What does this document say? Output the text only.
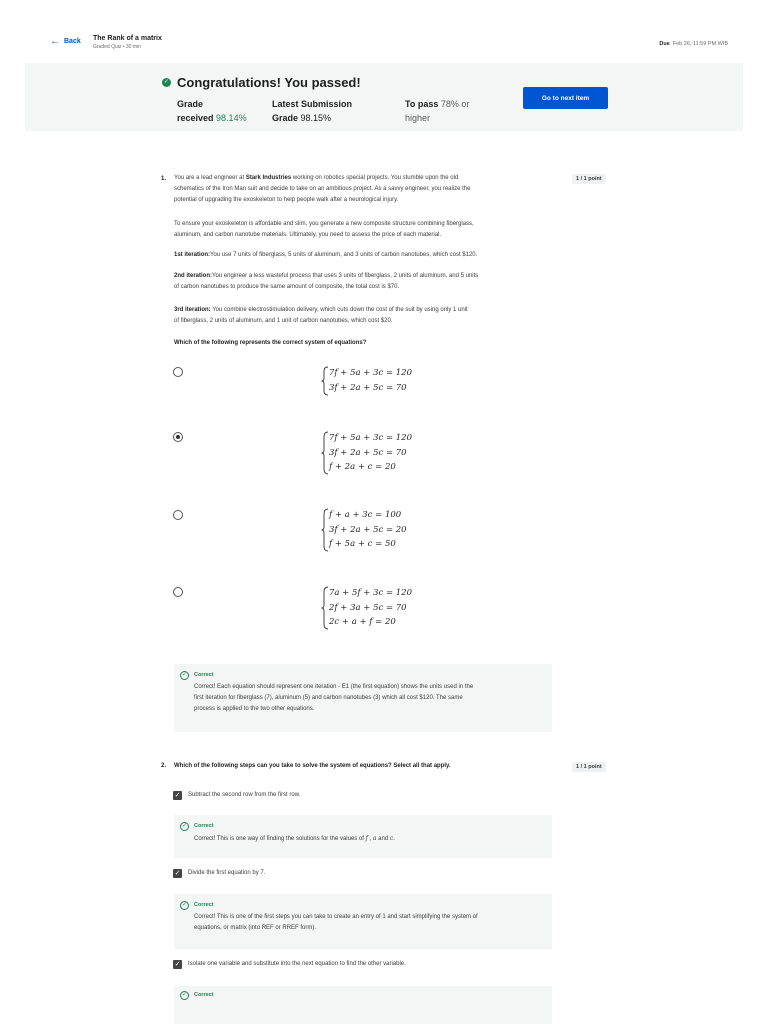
← Back The Rank of a matrix
Graded Quiz • 30 min	Due Feb 26, 11:59 PM WIB
✓ Congratulations! You passed!
Grade
received 98.14%
Latest Submission
Grade 98.15%
To pass 78% or
higher
Go to next item
1.	1 / 1 point
You are a lead engineer at Stark Industries working on robotics special projects. You stumble upon the old
schematics of the Iron Man suit and decide to take on an ambitious project. As a savvy engineer, you realize the
potential of upgrading the exoskeleton to help people walk after a neurological injury.
To ensure your exoskeleton is affordable and slim, you generate a new composite structure combining fiberglass,
aluminum, and carbon nanotube materials. Ultimately, you need to assess the price of each material.
1st iteration:You use 7 units of fiberglass, 5 units of aluminum, and 3 units of carbon nanotubes, which cost $120.
2nd iteration:You engineer a less wasteful process that uses 3 units of fiberglass, 2 units of aluminum, and 5 units
of carbon nanotubes to produce the same amount of composite, the total cost is $70.
3rd iteration: You combine electrostimulation delivery, which cuts down the cost of the suit by using only 1 unit
of fiberglass, 2 units of aluminum, and 1 unit of carbon nanotubes, which cost $20.
Which of the following represents the correct system of equations?
7f + 5a + 3c = 120
3f + 2a + 5c = 70
7f + 5a + 3c = 120
3f + 2a + 5c = 70
f + 2a + c = 20
f + a + 3c = 100
3f + 2a + 5c = 20
f + 5a + c = 50
7a + 5f + 3c = 120
2f + 3a + 5c = 70
2c + a + f = 20
✓	Correct
Correct! Each equation should represent one iteration - E1 (the first equation) shows the units used in the
first iteration for fiberglass (7), aluminum (5) and carbon nanotubes (3) which all cost $120. The same
process is applied to the two other equations.
2. Which of the following steps can you take to solve the system of equations? Select all that apply.	1 / 1 point
✓ Subtract the second row from the first row.
✓	Correct
Correct! This is one way of finding the solutions for the values of f , a and c.
✓ Divide the first equation by 7.
✓	Correct
Correct! This is one of the first steps you can take to create an entry of 1 and start simplifying the system of
equations, or matrix (into REF or RREF form).
✓ Isolate one variable and substitute into the next equation to find the other variable.
✓	Correct
